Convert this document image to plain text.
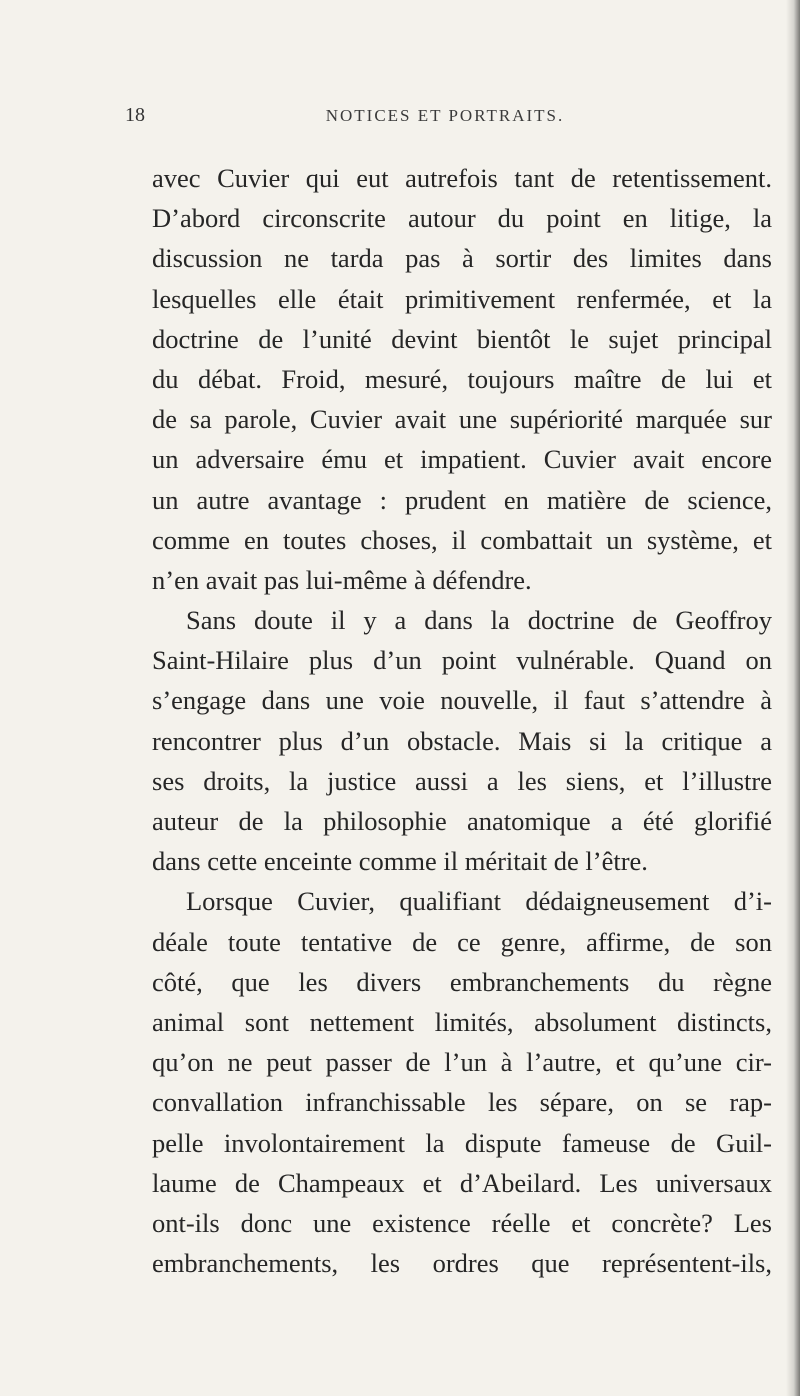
18	NOTICES ET PORTRAITS.
avec Cuvier qui eut autrefois tant de retentissement.
D’abord circonscrite autour du point en litige, la
discussion ne tarda pas à sortir des limites dans
lesquelles elle était primitivement renfermée, et la
doctrine de l’unité devint bientôt le sujet principal
du débat. Froid, mesuré, toujours maître de lui et
de sa parole, Cuvier avait une supériorité marquée sur
un adversaire ému et impatient. Cuvier avait encore
un autre avantage : prudent en matière de science,
comme en toutes choses, il combattait un système, et
n’en avait pas lui-même à défendre.
Sans doute il y a dans la doctrine de Geoffroy
Saint-Hilaire plus d’un point vulnérable. Quand on
s’engage dans une voie nouvelle, il faut s’attendre à
rencontrer plus d’un obstacle. Mais si la critique a
ses droits, la justice aussi a les siens, et l’illustre
auteur de la philosophie anatomique a été glorifié
dans cette enceinte comme il méritait de l’être.
Lorsque Cuvier, qualifiant dédaigneusement d’i-
déale toute tentative de ce genre, affirme, de son
côté, que les divers embranchements du règne
animal sont nettement limités, absolument distincts,
qu’on ne peut passer de l’un à l’autre, et qu’une cir-
convallation infranchissable les sépare, on se rap-
pelle involontairement la dispute fameuse de Guil-
laume de Champeaux et d’Abeilard. Les universaux
ont-ils donc une existence réelle et concrète? Les
embranchements, les ordres que représentent-ils,
